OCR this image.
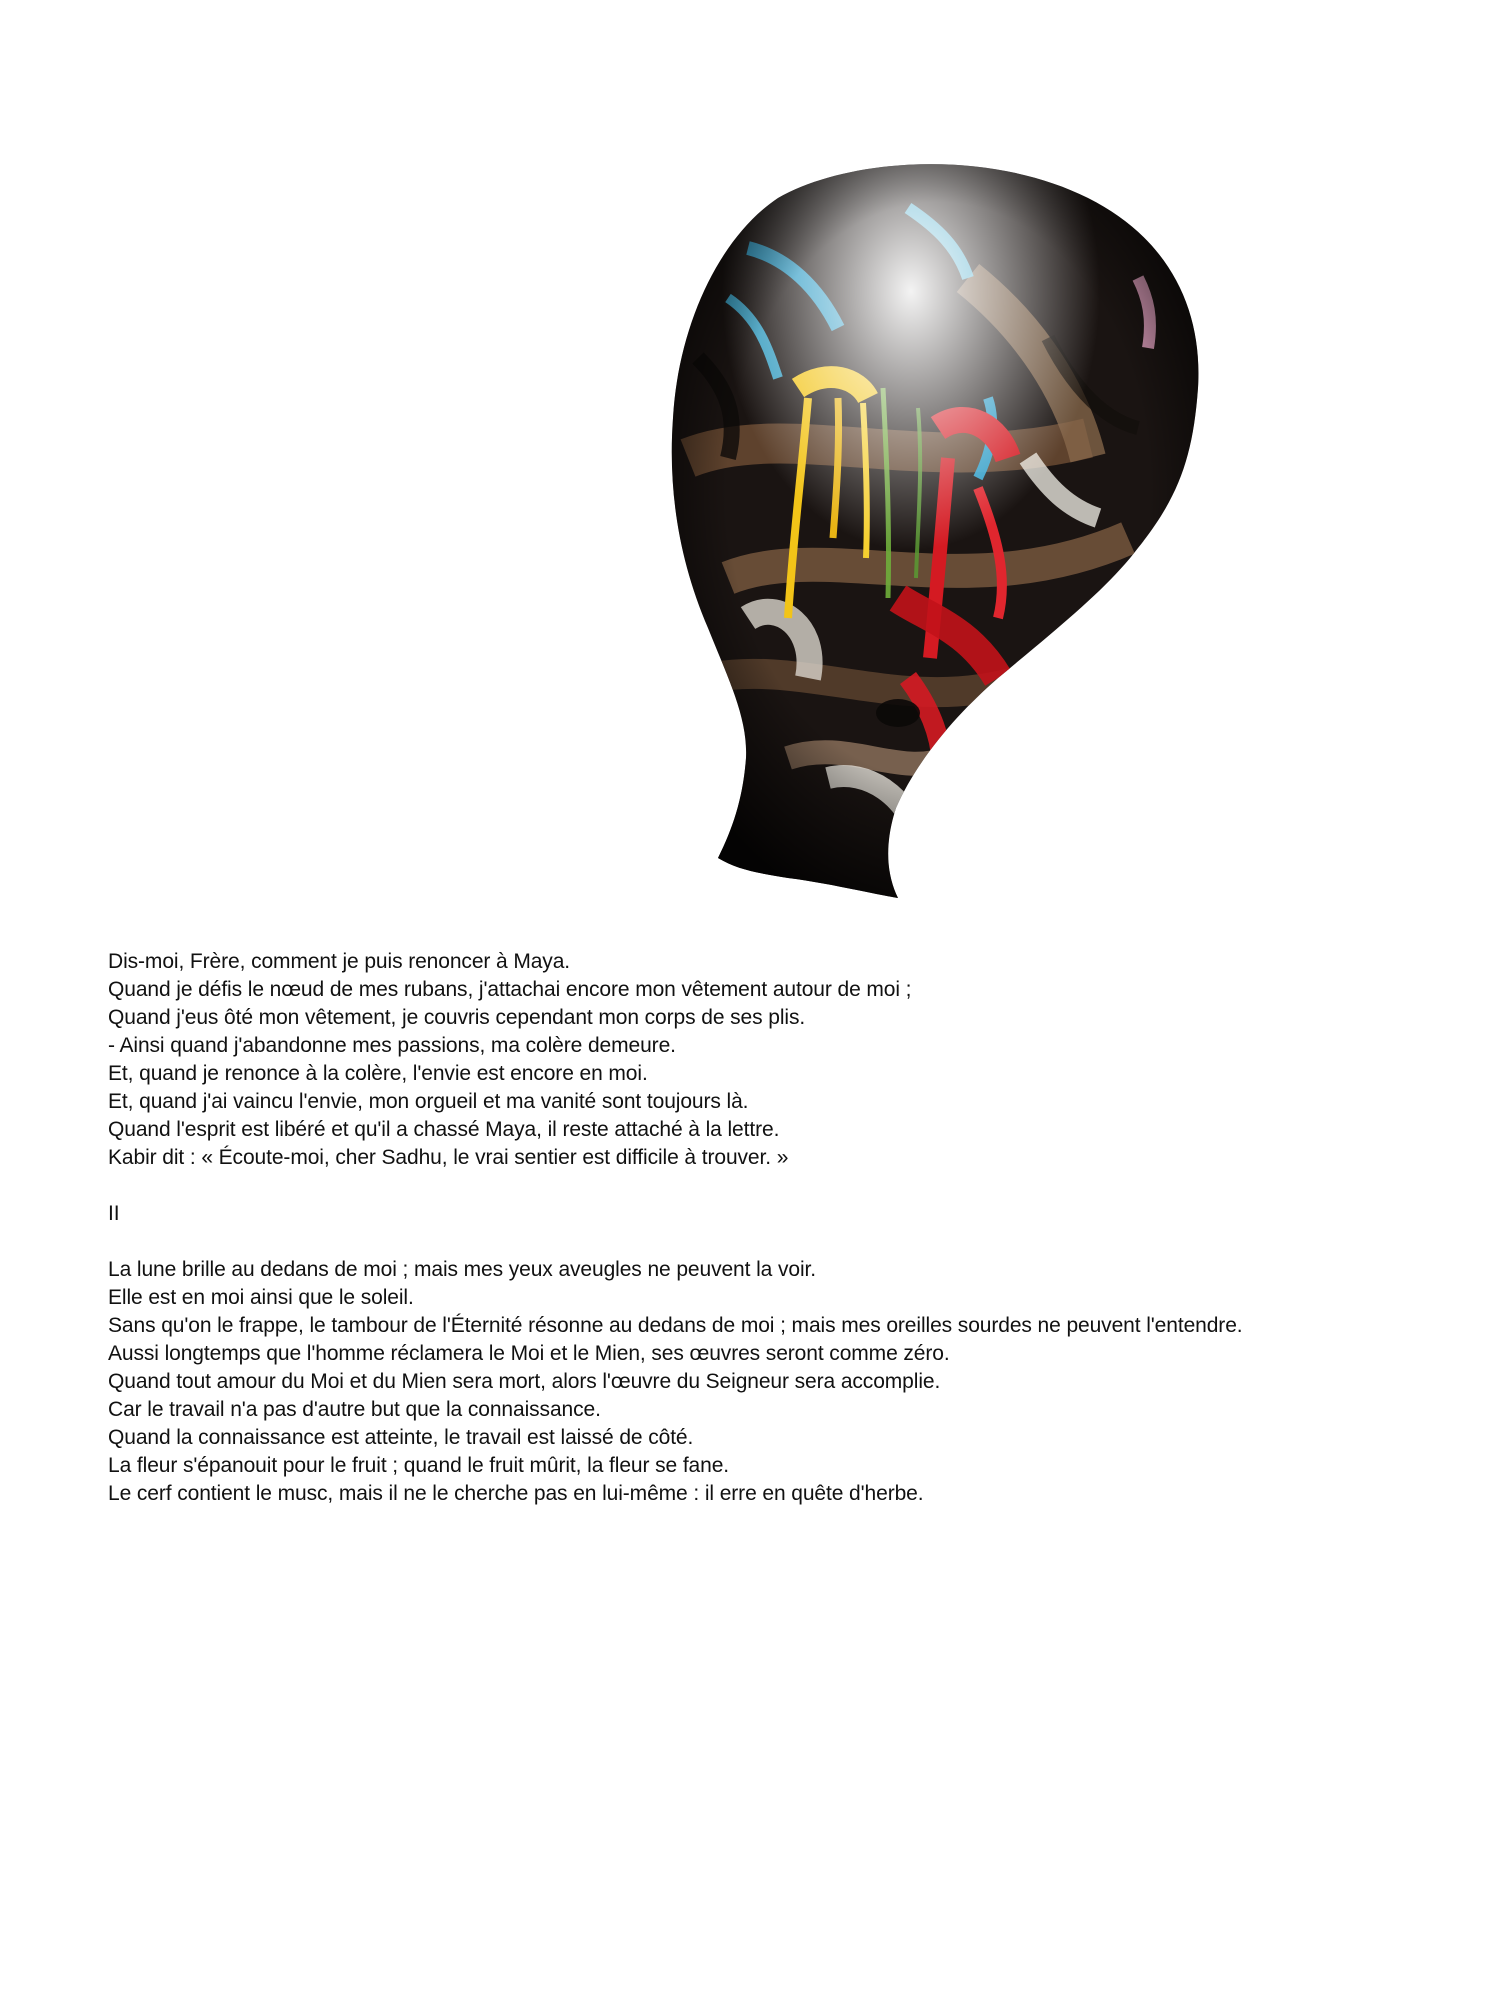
Dis-moi, Frère, comment je puis renoncer à Maya.
Quand je défis le nœud de mes rubans, j'attachai encore mon vêtement autour de moi ;
Quand j'eus ôté mon vêtement, je couvris cependant mon corps de ses plis.
- Ainsi quand j'abandonne mes passions, ma colère demeure.
Et, quand je renonce à la colère, l'envie est encore en moi.
Et, quand j'ai vaincu l'envie, mon orgueil et ma vanité sont toujours là.
Quand l'esprit est libéré et qu'il a chassé Maya, il reste attaché à la lettre.
Kabir dit : « Écoute-moi, cher Sadhu, le vrai sentier est difficile à trouver. »
II
La lune brille au dedans de moi ; mais mes yeux aveugles ne peuvent la voir.
Elle est en moi ainsi que le soleil.
Sans qu'on le frappe, le tambour de l'Éternité résonne au dedans de moi ; mais mes oreilles sourdes ne peuvent l'entendre.
Aussi longtemps que l'homme réclamera le Moi et le Mien, ses œuvres seront comme zéro.
Quand tout amour du Moi et du Mien sera mort, alors l'œuvre du Seigneur sera accomplie.
Car le travail n'a pas d'autre but que la connaissance.
Quand la connaissance est atteinte, le travail est laissé de côté.
La fleur s'épanouit pour le fruit ; quand le fruit mûrit, la fleur se fane.
Le cerf contient le musc, mais il ne le cherche pas en lui-même : il erre en quête d'herbe.
